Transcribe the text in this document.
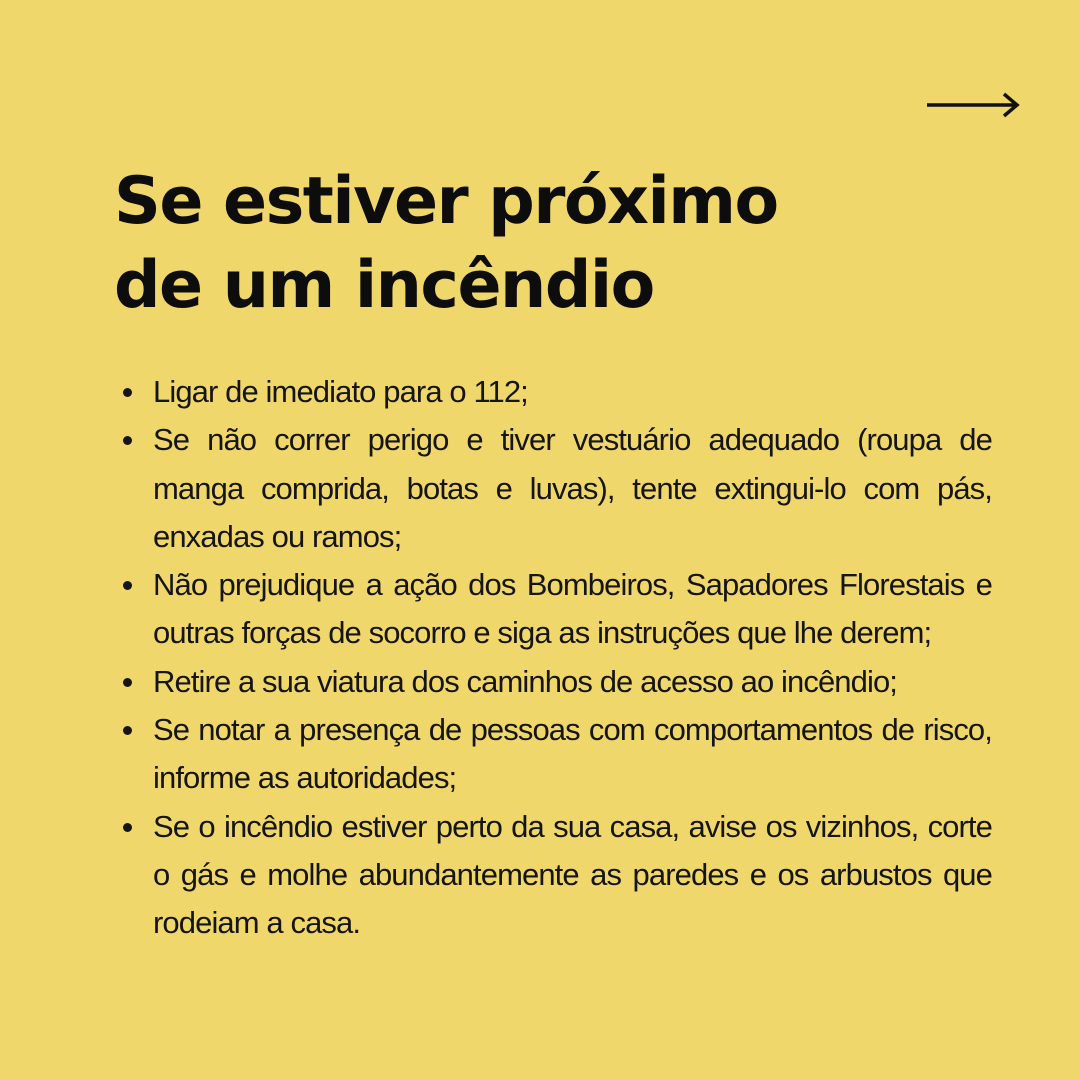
Se estiver próximo
de um incêndio
Ligar de imediato para o 112;
Se não correr perigo e tiver vestuário adequado (roupa de manga comprida, botas e luvas), tente extingui-lo com pás, enxadas ou ramos;
Não prejudique a ação dos Bombeiros, Sapadores Florestais e outras forças de socorro e siga as instruções que lhe derem;
Retire a sua viatura dos caminhos de acesso ao incêndio;
Se notar a presença de pessoas com comportamentos de risco, informe as autoridades;
Se o incêndio estiver perto da sua casa, avise os vizinhos, corte o gás e molhe abundantemente as paredes e os arbustos que rodeiam a casa.
